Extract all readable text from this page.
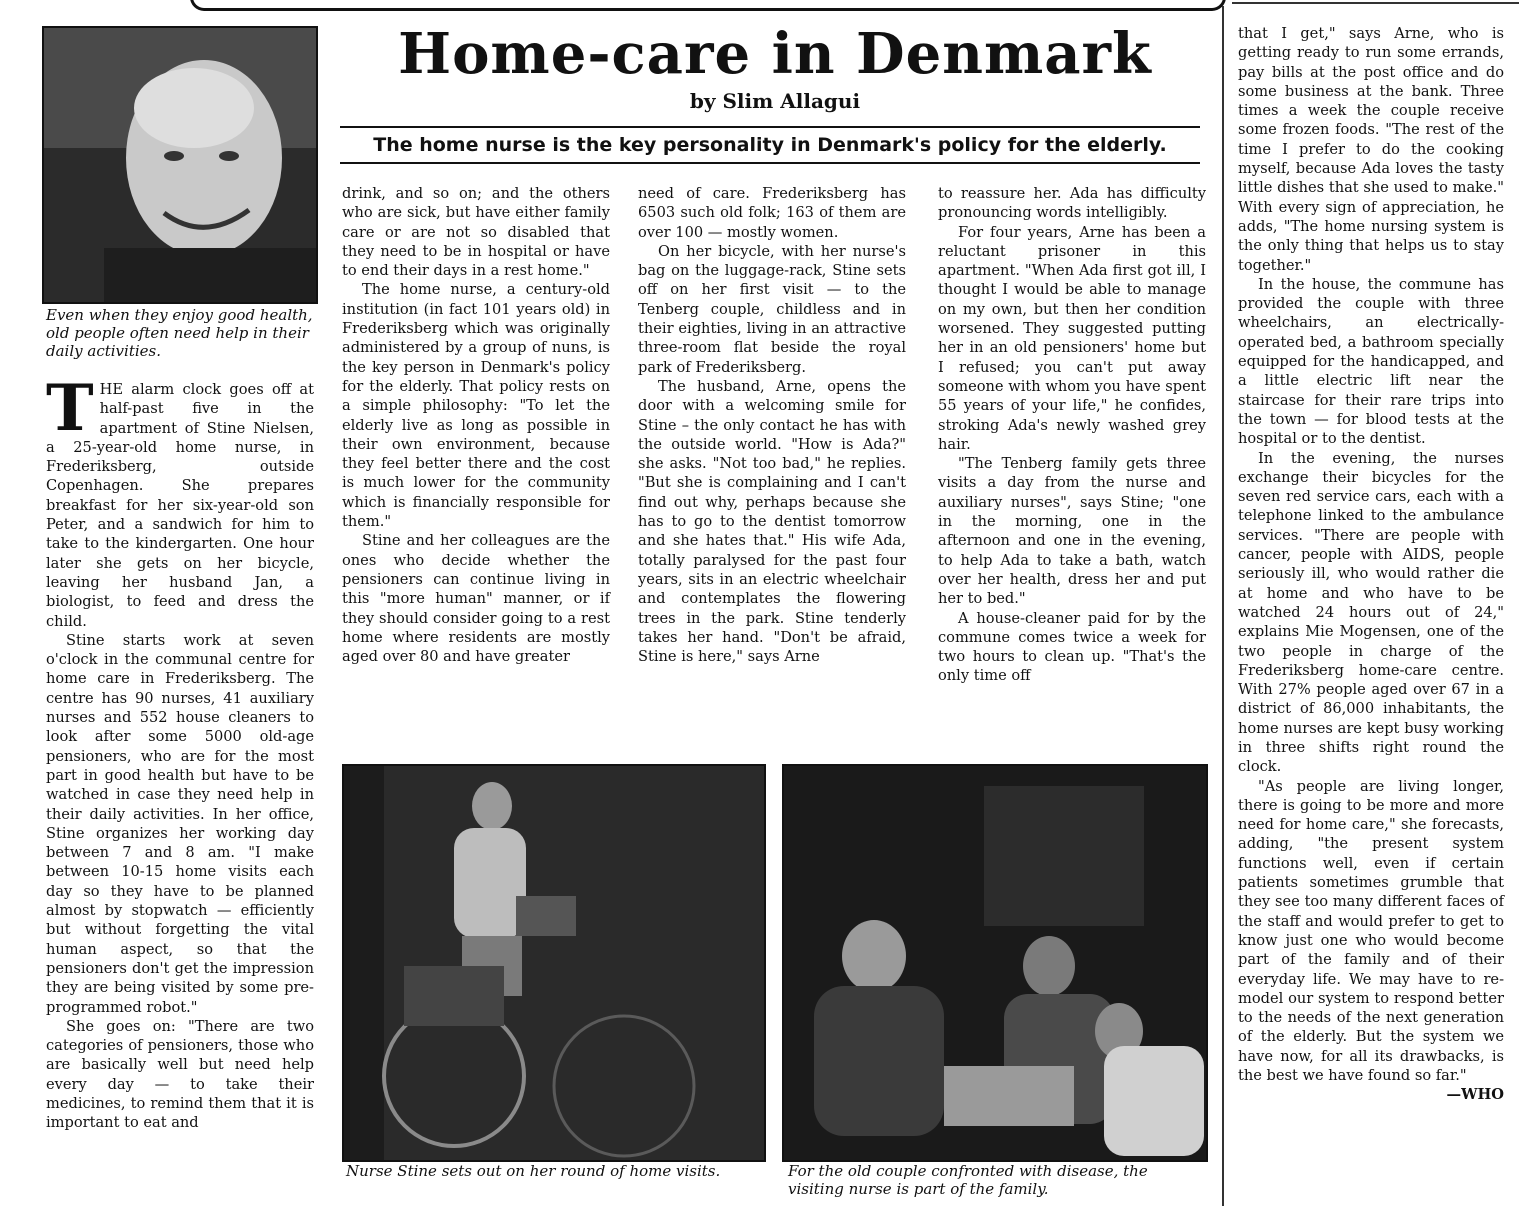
Even when they enjoy good health, old people often need help in their daily activities.
Home-care in Denmark
by Slim Allagui
The home nurse is the key personality in Denmark's policy for the elderly.

THE alarm clock goes off at half-past five in the apartment of Stine Nielsen, a 25-year-old home nurse, in Frederiksberg, outside Copenhagen. She prepares breakfast for her six-year-old son Peter, and a sandwich for him to take to the kindergarten. One hour later she gets on her bicycle, leaving her husband Jan, a biologist, to feed and dress the child.

Stine starts work at seven o'clock in the communal centre for home care in Frederiksberg. The centre has 90 nurses, 41 auxiliary nurses and 552 house cleaners to look after some 5000 old-age pensioners, who are for the most part in good health but have to be watched in case they need help in their daily activities. In her office, Stine organizes her working day between 7 and 8 am. "I make between 10-15 home visits each day so they have to be planned almost by stopwatch — efficiently but without forgetting the vital human aspect, so that the pensioners don't get the impression they are being visited by some pre-programmed robot."

She goes on: "There are two categories of pensioners, those who are basically well but need help every day — to take their medicines, to remind them that it is important to eat and

drink, and so on; and the others who are sick, but have either family care or are not so disabled that they need to be in hospital or have to end their days in a rest home."

The home nurse, a century-old institution (in fact 101 years old) in Frederiksberg which was originally administered by a group of nuns, is the key person in Denmark's policy for the elderly. That policy rests on a simple philosophy: "To let the elderly live as long as possible in their own environment, because they feel better there and the cost is much lower for the community which is financially responsible for them."

Stine and her colleagues are the ones who decide whether the pensioners can continue living in this "more human" manner, or if they should consider going to a rest home where residents are mostly aged over 80 and have greater

need of care. Frederiksberg has 6503 such old folk; 163 of them are over 100 — mostly women.

On her bicycle, with her nurse's bag on the luggage-rack, Stine sets off on her first visit — to the Tenberg couple, childless and in their eighties, living in an attractive three-room flat beside the royal park of Frederiksberg.

The husband, Arne, opens the door with a welcoming smile for Stine – the only contact he has with the outside world. "How is Ada?" she asks. "Not too bad," he replies. "But she is complaining and I can't find out why, perhaps because she has to go to the dentist tomorrow and she hates that." His wife Ada, totally paralysed for the past four years, sits in an electric wheelchair and contemplates the flowering trees in the park. Stine tenderly takes her hand. "Don't be afraid, Stine is here," says Arne

to reassure her. Ada has difficulty pronouncing words intelligibly.

For four years, Arne has been a reluctant prisoner in this apartment. "When Ada first got ill, I thought I would be able to manage on my own, but then her condition worsened. They suggested putting her in an old pensioners' home but I refused; you can't put away someone with whom you have spent 55 years of your life," he confides, stroking Ada's newly washed grey hair.

"The Tenberg family gets three visits a day from the nurse and auxiliary nurses", says Stine; "one in the morning, one in the afternoon and one in the evening, to help Ada to take a bath, watch over her health, dress her and put her to bed."

A house-cleaner paid for by the commune comes twice a week for two hours to clean up. "That's the only time off

that I get," says Arne, who is getting ready to run some errands, pay bills at the post office and do some business at the bank. Three times a week the couple receive some frozen foods. "The rest of the time I prefer to do the cooking myself, because Ada loves the tasty little dishes that she used to make." With every sign of appreciation, he adds, "The home nursing system is the only thing that helps us to stay together."

In the house, the commune has provided the couple with three wheelchairs, an electrically-operated bed, a bathroom specially equipped for the handicapped, and a little electric lift near the staircase for their rare trips into the town — for blood tests at the hospital or to the dentist.

In the evening, the nurses exchange their bicycles for the seven red service cars, each with a telephone linked to the ambulance services. "There are people with cancer, people with AIDS, people seriously ill, who would rather die at home and who have to be watched 24 hours out of 24," explains Mie Mogensen, one of the two people in charge of the Frederiksberg home-care centre. With 27% people aged over 67 in a district of 86,000 inhabitants, the home nurses are kept busy working in three shifts right round the clock.

"As people are living longer, there is going to be more and more need for home care," she forecasts, adding, "the present system functions well, even if certain patients sometimes grumble that they see too many different faces of the staff and would prefer to get to know just one who would become part of the family and of their everyday life. We may have to re-model our system to respond better to the needs of the next generation of the elderly. But the system we have now, for all its drawbacks, is the best we have found so far."

—WHO
Nurse Stine sets out on her round of home visits.	For the old couple confronted with disease, the visiting nurse is part of the family.
